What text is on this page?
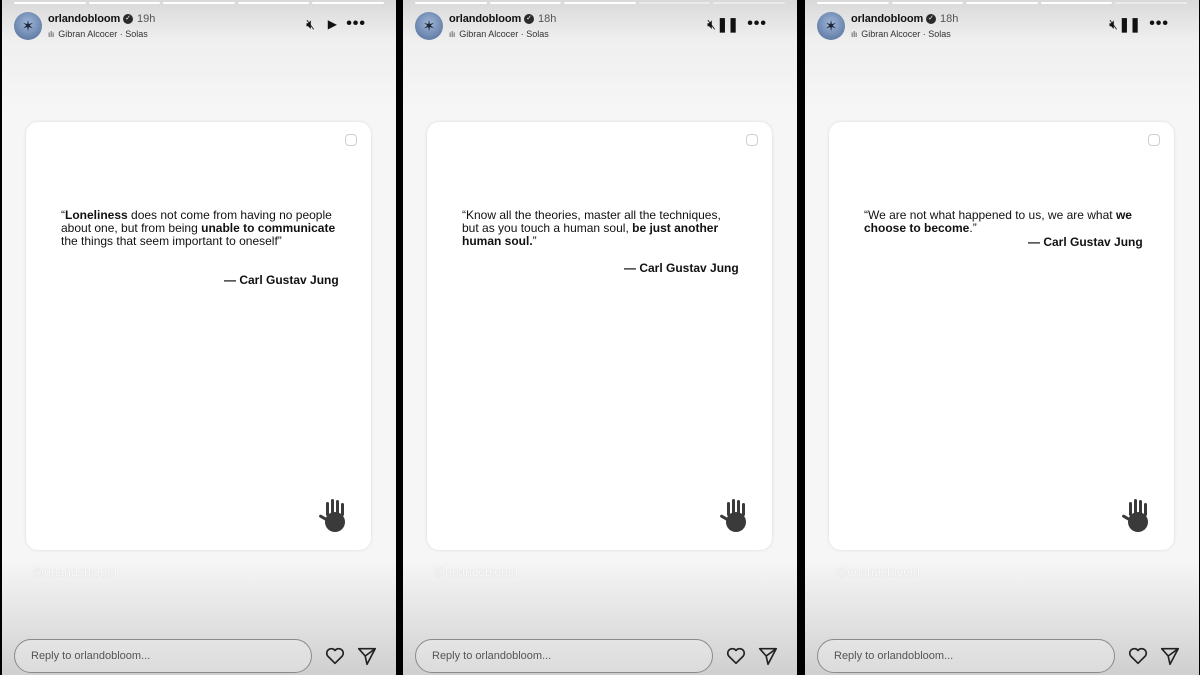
✶	orlandobloom ✓ 19h
ılı Gibran Alcocer · Solas
🔇︎ ▶ •••
“Loneliness does not come from having no people about one, but from being unable to communicate the things that seem important to oneself”
— Carl Gustav Jung
@orlandobloom
Reply to orlandobloom...
✶	orlandobloom ✓ 18h
ılı Gibran Alcocer · Solas
🔇︎ ❚❚ •••
“Know all the theories, master all the techniques, but as you touch a human soul, be just another human soul.”
— Carl Gustav Jung
@orlandobloom
Reply to orlandobloom...
✶	orlandobloom ✓ 18h
ılı Gibran Alcocer · Solas
🔇︎ ❚❚ •••
“We are not what happened to us, we are what we choose to become.”
— Carl Gustav Jung
@orlandobloom
Reply to orlandobloom...
